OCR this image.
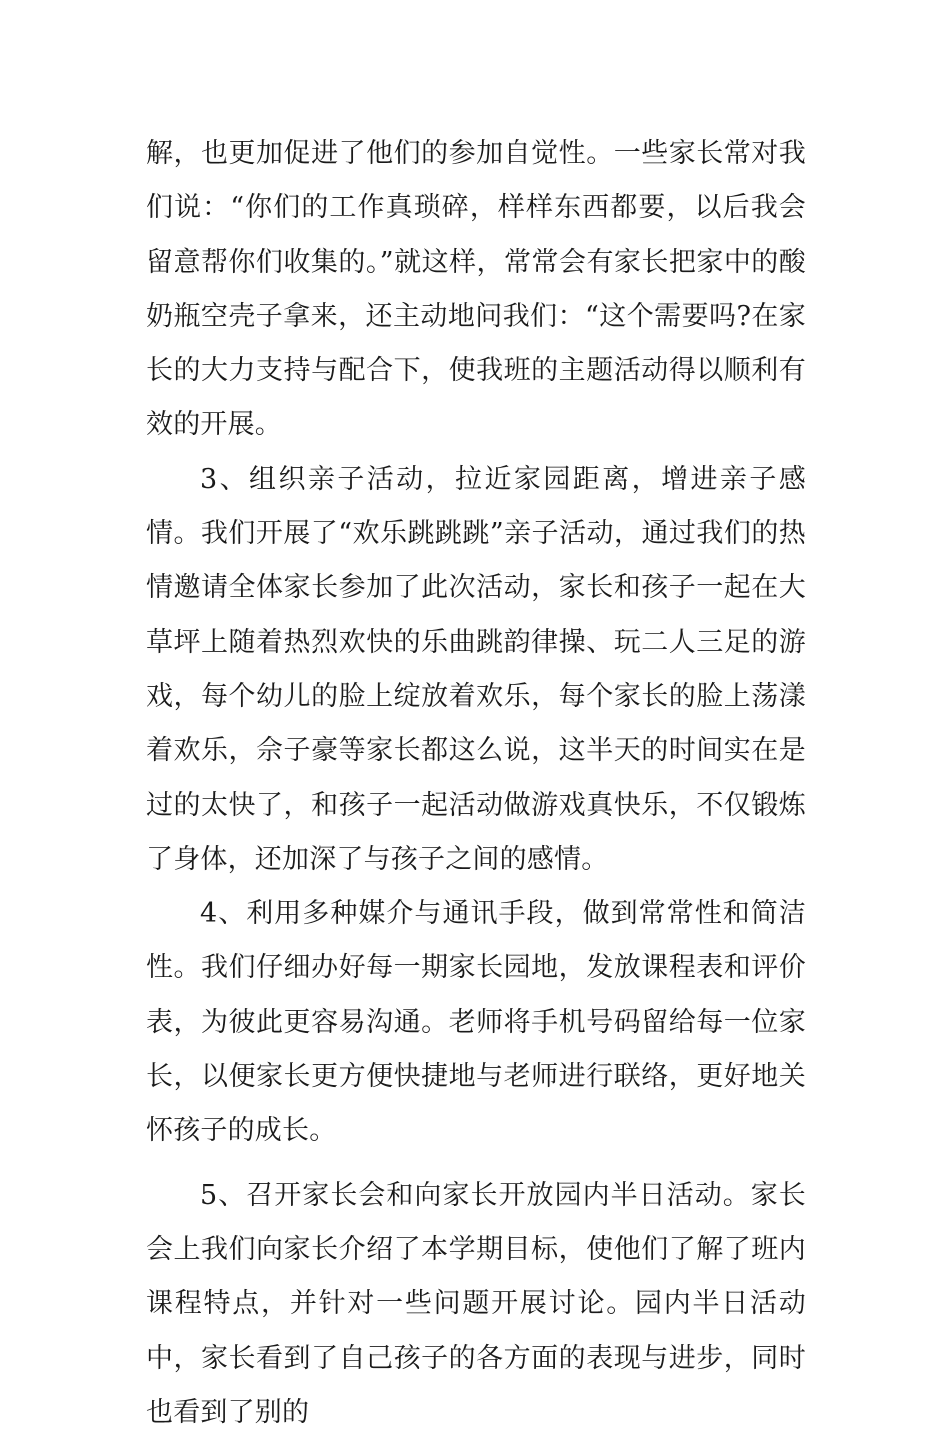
解，也更加促进了他们的参加自觉性。一些家长常对我们说：“你们的工作真琐碎，样样东西都要，以后我会留意帮你们收集的。”就这样，常常会有家长把家中的酸奶瓶空壳子拿来，还主动地问我们：“这个需要吗?在家长的大力支持与配合下，使我班的主题活动得以顺利有效的开展。

3、组织亲子活动，拉近家园距离，增进亲子感情。我们开展了“欢乐跳跳跳”亲子活动，通过我们的热情邀请全体家长参加了此次活动，家长和孩子一起在大草坪上随着热烈欢快的乐曲跳韵律操、玩二人三足的游戏，每个幼儿的脸上绽放着欢乐，每个家长的脸上荡漾着欢乐，佘子豪等家长都这么说，这半天的时间实在是过的太快了，和孩子一起活动做游戏真快乐，不仅锻炼了身体，还加深了与孩子之间的感情。

4、利用多种媒介与通讯手段，做到常常性和简洁性。我们仔细办好每一期家长园地，发放课程表和评价表，为彼此更容易沟通。老师将手机号码留给每一位家长，以便家长更方便快捷地与老师进行联络，更好地关怀孩子的成长。

5、召开家长会和向家长开放园内半日活动。家长会上我们向家长介绍了本学期目标，使他们了解了班内课程特点，并针对一些问题开展讨论。园内半日活动中，家长看到了自己孩子的各方面的表现与进步，同时也看到了别的
